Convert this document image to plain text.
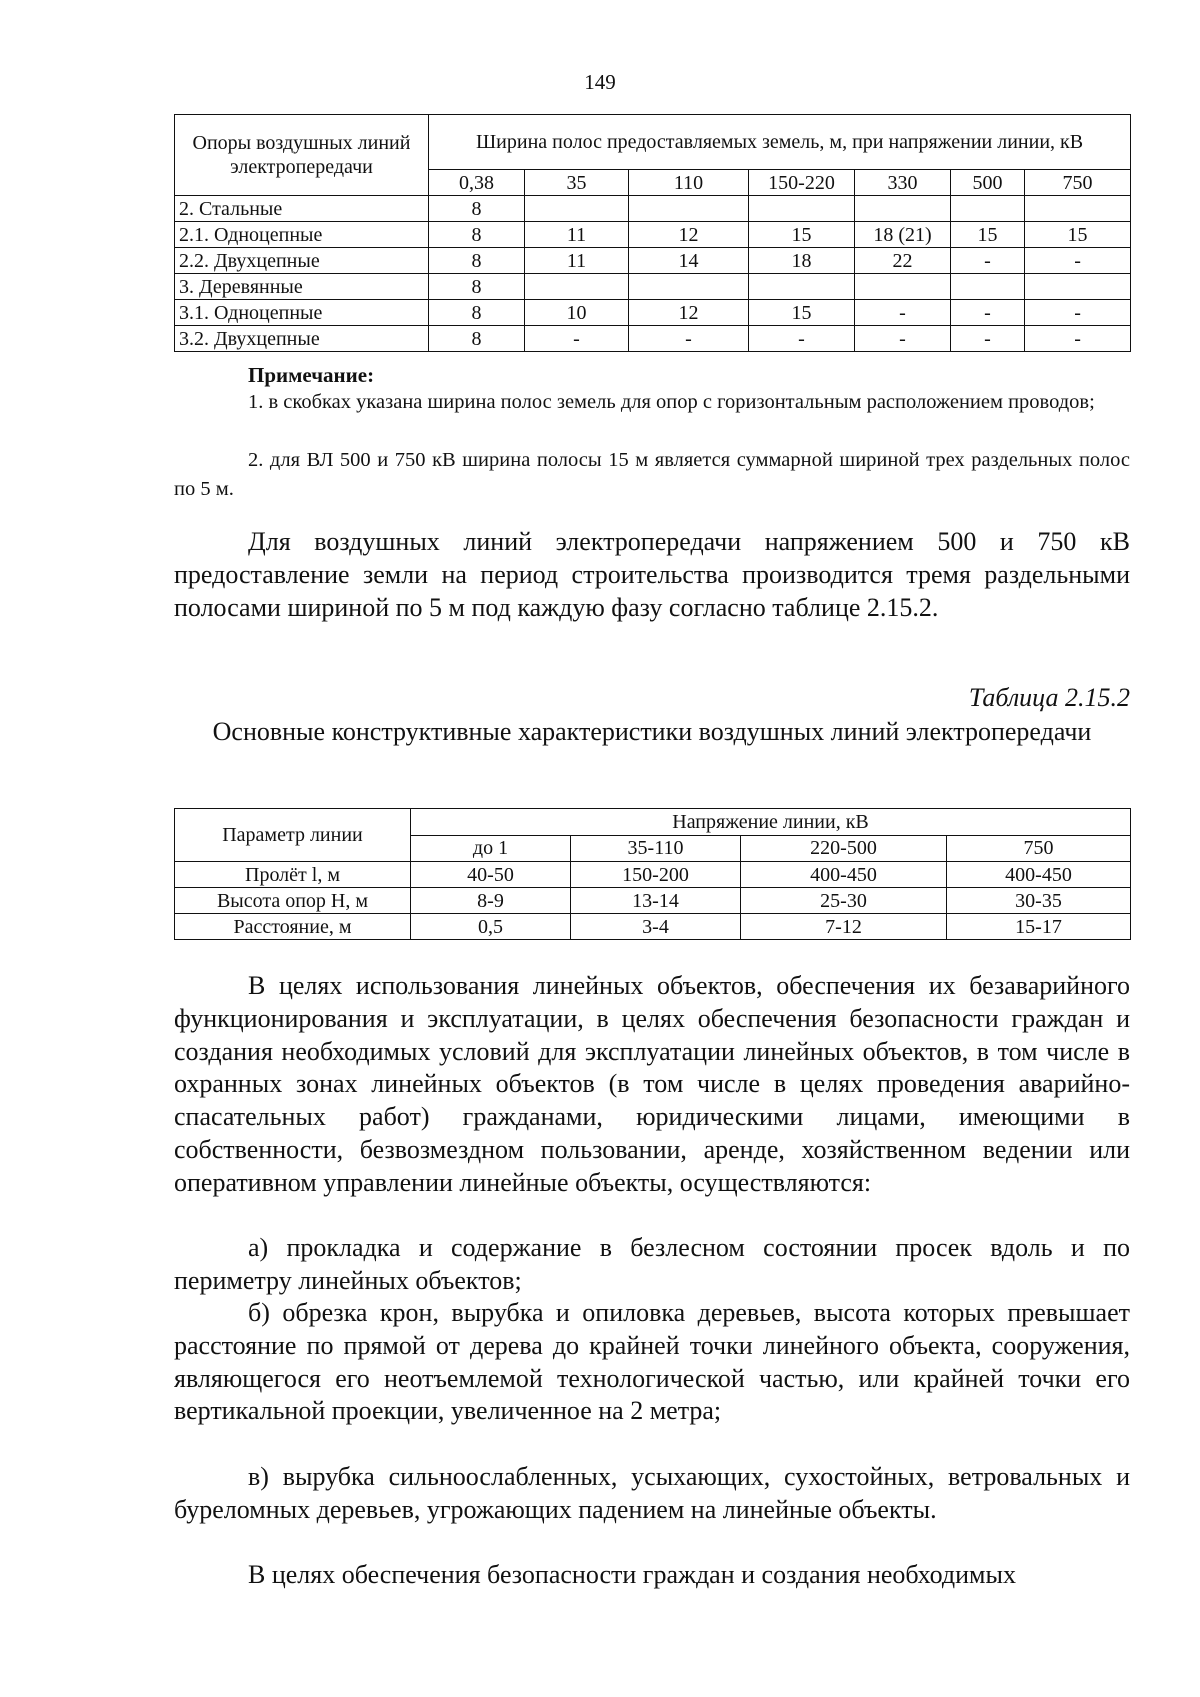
149
Опоры воздушных линий электропередачи	Ширина полос предоставляемых земель, м, при напряжении линии, кВ						
	0,38	35	110	150-220	330	500	750
2. Стальные	8						
2.1. Одноцепные	8	11	12	15	18 (21)	15	15
2.2. Двухцепные	8	11	14	18	22	-	-
3. Деревянные	8						
3.1. Одноцепные	8	10	12	15	-	-	-
3.2. Двухцепные	8	-	-	-	-	-	-
Примечание:
1. в скобках указана ширина полос земель для опор с горизонтальным расположением проводов;
2. для ВЛ 500 и 750 кВ ширина полосы 15 м является суммарной шириной трех раздельных полос по 5 м.

Для воздушных линий электропередачи напряжением 500 и 750 кВ предоставление земли на период строительства производится тремя раздельными полосами шириной по 5 м под каждую фазу согласно таблице 2.15.2.

Таблица 2.15.2
Основные конструктивные характеристики воздушных линий электропередачи
Параметр линии	Напряжение линии, кВ			
	до 1	35-110	220-500	750
Пролёт l, м	40-50	150-200	400-450	400-450
Высота опор Н, м	8-9	13-14	25-30	30-35
Расстояние, м	0,5	3-4	7-12	15-17

В целях использования линейных объектов, обеспечения их безаварийного функционирования и эксплуатации, в целях обеспечения безопасности граждан и создания необходимых условий для эксплуатации линейных объектов, в том числе в охранных зонах линейных объектов (в том числе в целях проведения аварийно-спасательных работ) гражданами, юридическими лицами, имеющими в собственности, безвозмездном пользовании, аренде, хозяйственном ведении или оперативном управлении линейные объекты, осуществляются:

а) прокладка и содержание в безлесном состоянии просек вдоль и по периметру линейных объектов;

б) обрезка крон, вырубка и опиловка деревьев, высота которых превышает расстояние по прямой от дерева до крайней точки линейного объекта, сооружения, являющегося его неотъемлемой технологической частью, или крайней точки его вертикальной проекции, увеличенное на 2 метра;

в) вырубка сильноослабленных, усыхающих, сухостойных, ветровальных и буреломных деревьев, угрожающих падением на линейные объекты.

В целях обеспечения безопасности граждан и создания необходимых
